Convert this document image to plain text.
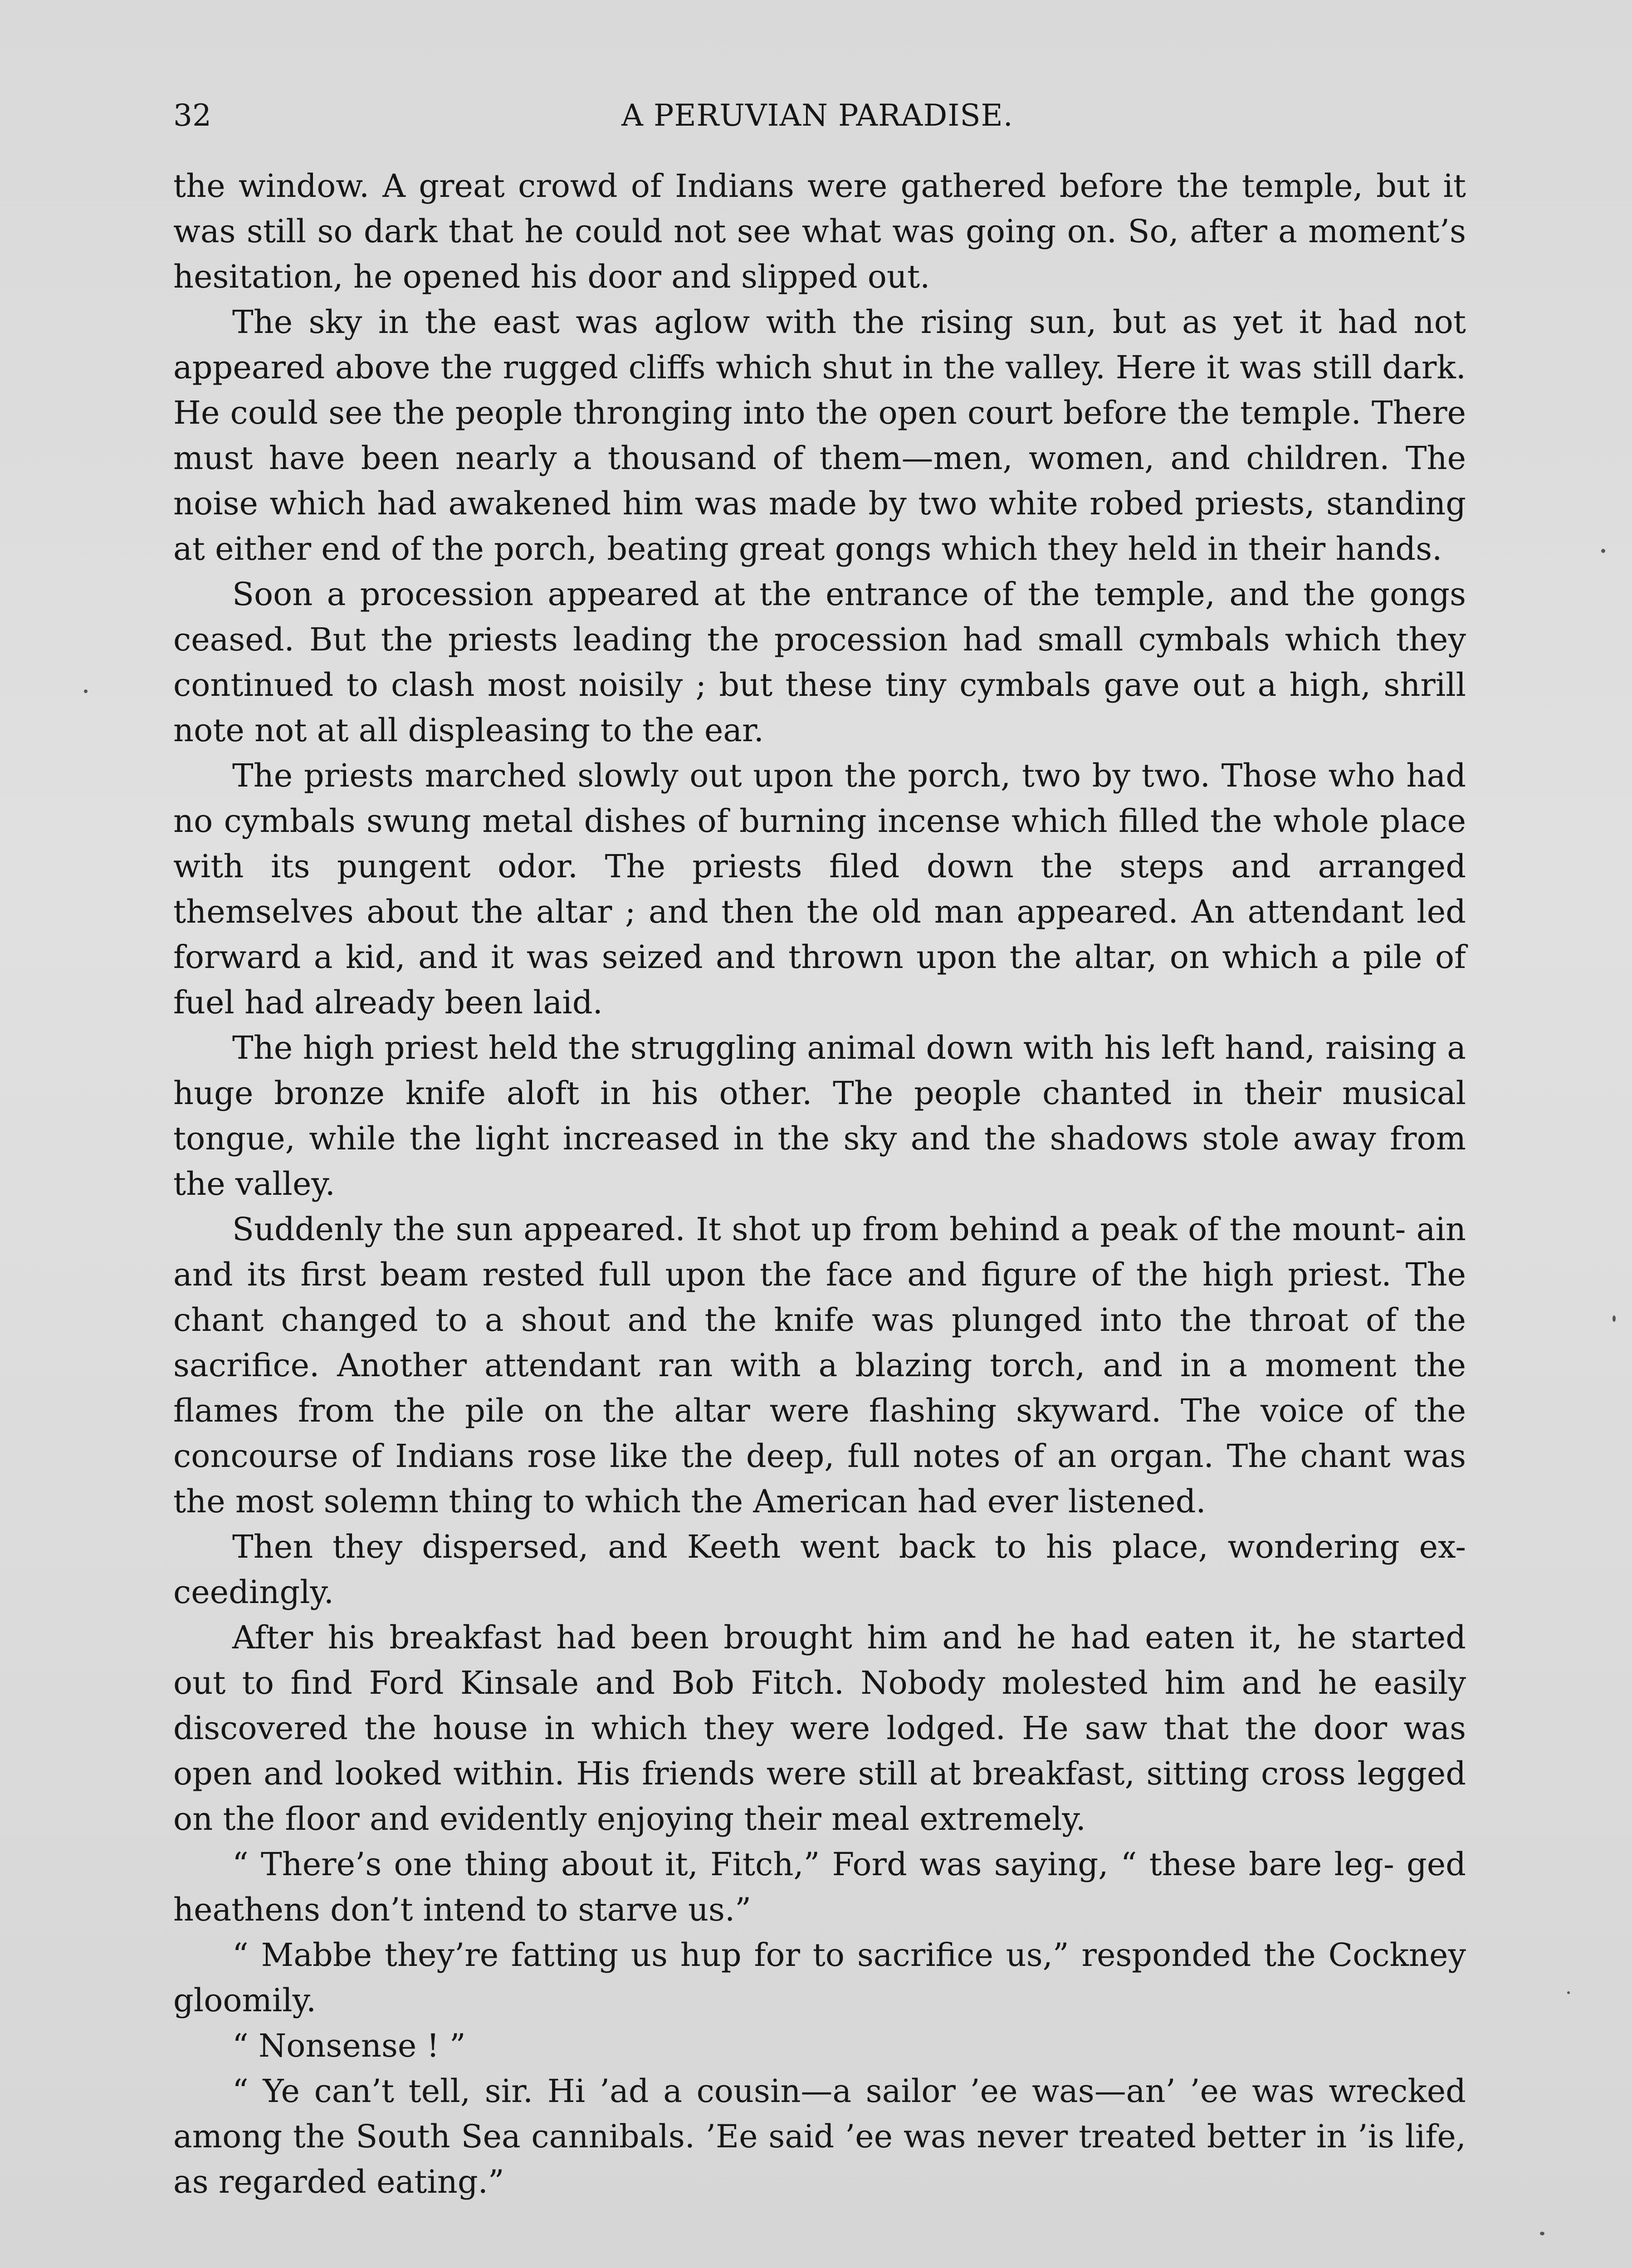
32	A PERUVIAN PARADISE.

the window. A great crowd of Indians were gathered before the temple, but it was still so dark that he could not see what was going on. So, after a moment’s hesitation, he opened his door and slipped out.

The sky in the east was aglow with the rising sun, but as yet it had not appeared above the rugged cliffs which shut in the valley. Here it was still dark. He could see the people thronging into the open court before the temple. There must have been nearly a thousand of them—men, women, and children. The noise which had awakened him was made by two white robed priests, standing at either end of the porch, beating great gongs which they held in their hands.

Soon a procession appeared at the entrance of the temple, and the gongs ceased. But the priests leading the procession had small cymbals which they continued to clash most noisily ; but these tiny cymbals gave out a high, shrill note not at all displeasing to the ear.

The priests marched slowly out upon the porch, two by two. Those who had no cymbals swung metal dishes of burning incense which filled the whole place with its pungent odor. The priests filed down the steps and arranged themselves about the altar ; and then the old man appeared. An attendant led forward a kid, and it was seized and thrown upon the altar, on which a pile of fuel had already been laid.

The high priest held the struggling animal down with his left hand, raising a huge bronze knife aloft in his other. The people chanted in their musical tongue, while the light increased in the sky and the shadows stole away from the valley.

Suddenly the sun appeared. It shot up from behind a peak of the mount- ain and its first beam rested full upon the face and figure of the high priest. The chant changed to a shout and the knife was plunged into the throat of the sacrifice. Another attendant ran with a blazing torch, and in a moment the flames from the pile on the altar were flashing skyward. The voice of the concourse of Indians rose like the deep, full notes of an organ. The chant was the most solemn thing to which the American had ever listened.

Then they dispersed, and Keeth went back to his place, wondering ex- ceedingly.

After his breakfast had been brought him and he had eaten it, he started out to find Ford Kinsale and Bob Fitch. Nobody molested him and he easily discovered the house in which they were lodged. He saw that the door was open and looked within. His friends were still at breakfast, sitting cross legged on the floor and evidently enjoying their meal extremely.

“ There’s one thing about it, Fitch,” Ford was saying, “ these bare leg- ged heathens don’t intend to starve us.”

“ Mabbe they’re fatting us hup for to sacrifice us,” responded the Cockney gloomily.

“ Nonsense ! ”

“ Ye can’t tell, sir. Hi ’ad a cousin—a sailor ’ee was—an’ ’ee was wrecked among the South Sea cannibals. ’Ee said ’ee was never treated better in ’is life, as regarded eating.”
